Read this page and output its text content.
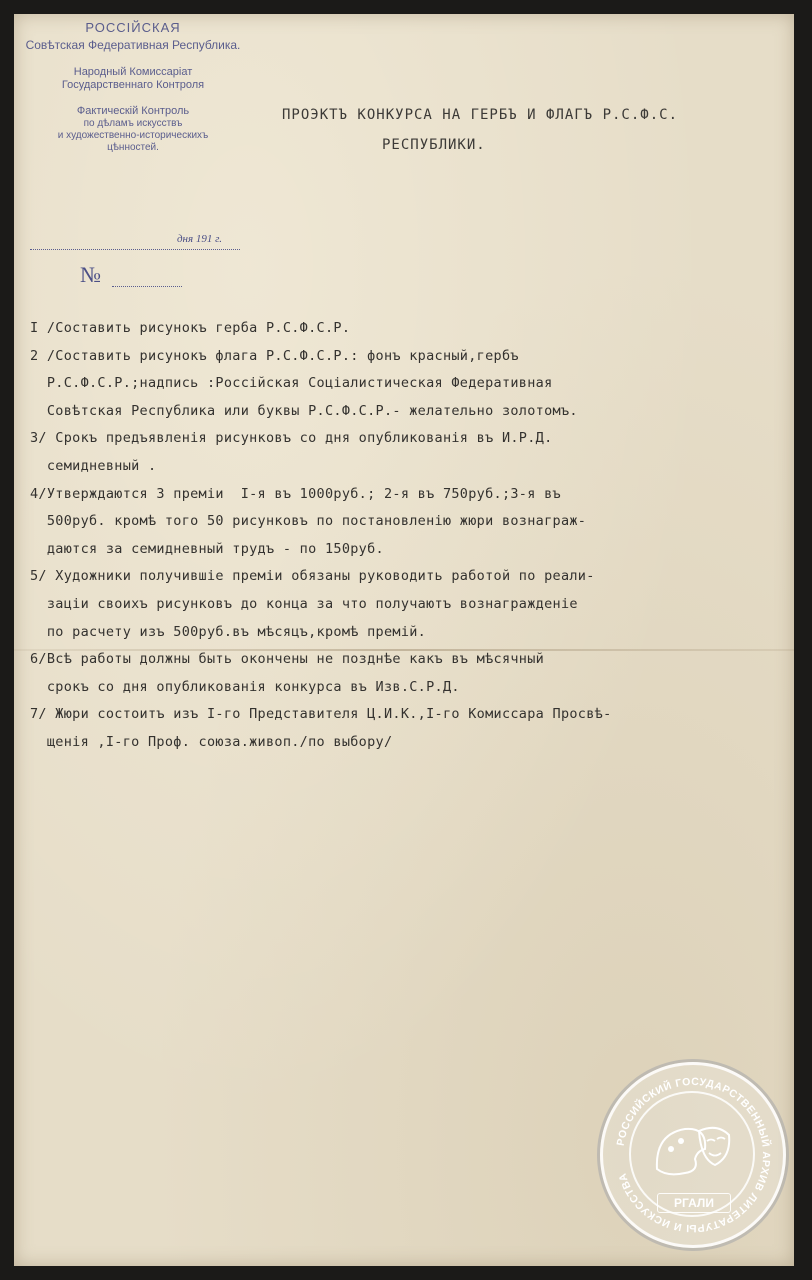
РОССІЙСКАЯ
Совѣтская Федеративная Республика.
Народный Комиссаріат
Государственнаго Контроля
Фактическій Контроль
по дѣламъ искусствъ
и художественно-историческихъ
цѣнностей.
дня 191 г.
№
ПРОЭКТЪ КОНКУРСА НА ГЕРБЪ И ФЛАГЪ Р.С.Ф.С.
РЕСПУБЛИКИ.
I /Составить рисунокъ герба Р.С.Ф.С.Р.
2 /Составить рисунокъ флага Р.С.Ф.С.Р.: фонъ красный,гербъ
Р.С.Ф.С.Р.;надпись :Россійская Соціалистическая Федеративная
Совѣтская Республика или буквы Р.С.Ф.С.Р.- желательно золотомъ.
3/ Срокъ предъявленія рисунковъ со дня опубликованія въ И.Р.Д.
семидневный .
4/Утверждаются 3 преміи  I-я въ 1000руб.; 2-я въ 750руб.;3-я въ
500руб. кромѣ того 50 рисунковъ по постановленію жюри вознаграж-
даются за семидневный трудъ - по 150руб.
5/ Художники получившіе преміи обязаны руководить работой по реали-
заціи своихъ рисунковъ до конца за что получаютъ вознагражденіе
по расчету изъ 500руб.въ мѣсяцъ,кромѣ премій.
6/Всѣ работы должны быть окончены не позднѣе какъ въ мѣсячный
срокъ со дня опубликованія конкурса въ Изв.С.Р.Д.
7/ Жюри состоитъ изъ I-го Представителя Ц.И.К.,I-го Комиссара Просвѣ-
щенія ,I-го Проф. союза.живоп./по выбору/
РОССИЙСКИЙ ГОСУДАРСТВЕННЫЙ АРХИВ ЛИТЕРАТУРЫ И ИСКУССТВА
РГАЛИ
